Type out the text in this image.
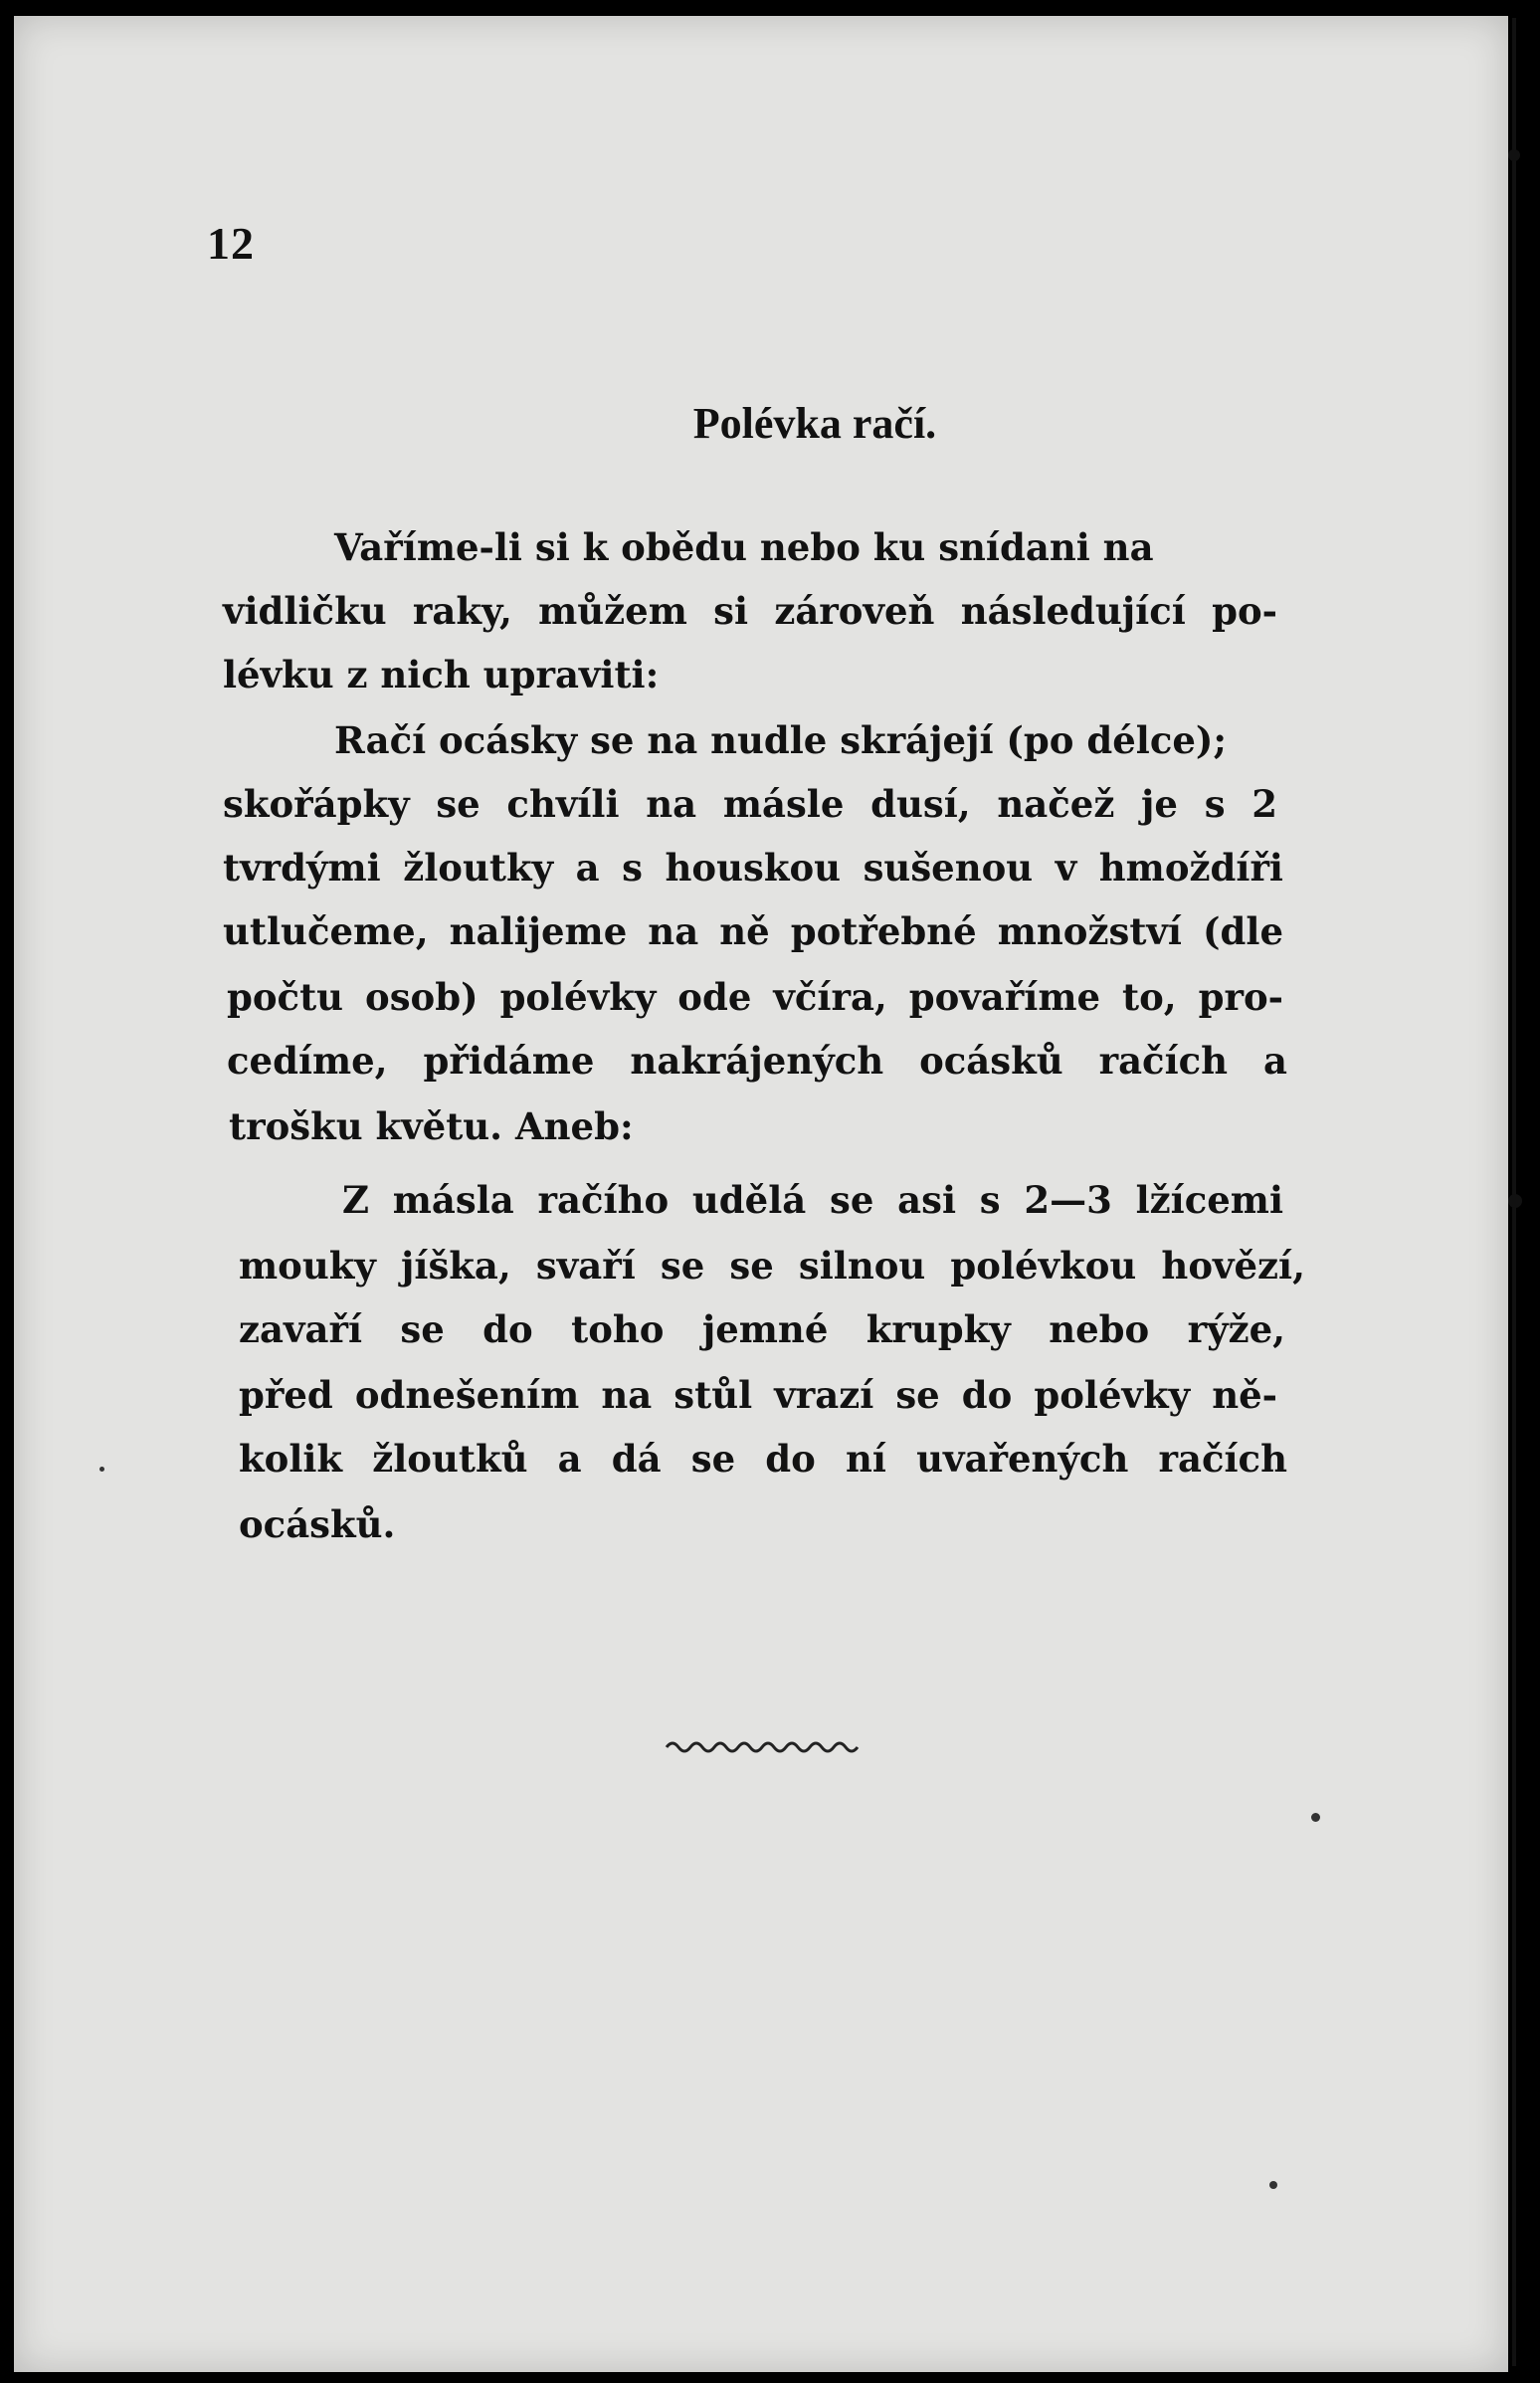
12
Polévka račí.
Vaříme-li si k obědu nebo ku snídani na
vidličku raky, můžem si zároveň následující po-
lévku z nich upraviti:
Račí ocásky se na nudle skrájejí (po délce);
skořápky se chvíli na másle dusí, načež je s 2
tvrdými žloutky a s houskou sušenou v hmoždíři
utlučeme, nalijeme na ně potřebné množství (dle
počtu osob) polévky ode včíra, povaříme to, pro-
cedíme, přidáme nakrájených ocásků račích a
trošku květu. Aneb:
Z másla račího udělá se asi s 2—3 lžícemi
mouky jíška, svaří se se silnou polévkou hovězí,
zavaří se do toho jemné krupky nebo rýže,
před odnešením na stůl vrazí se do polévky ně-
kolik žloutků a dá se do ní uvařených račích
ocásků.
